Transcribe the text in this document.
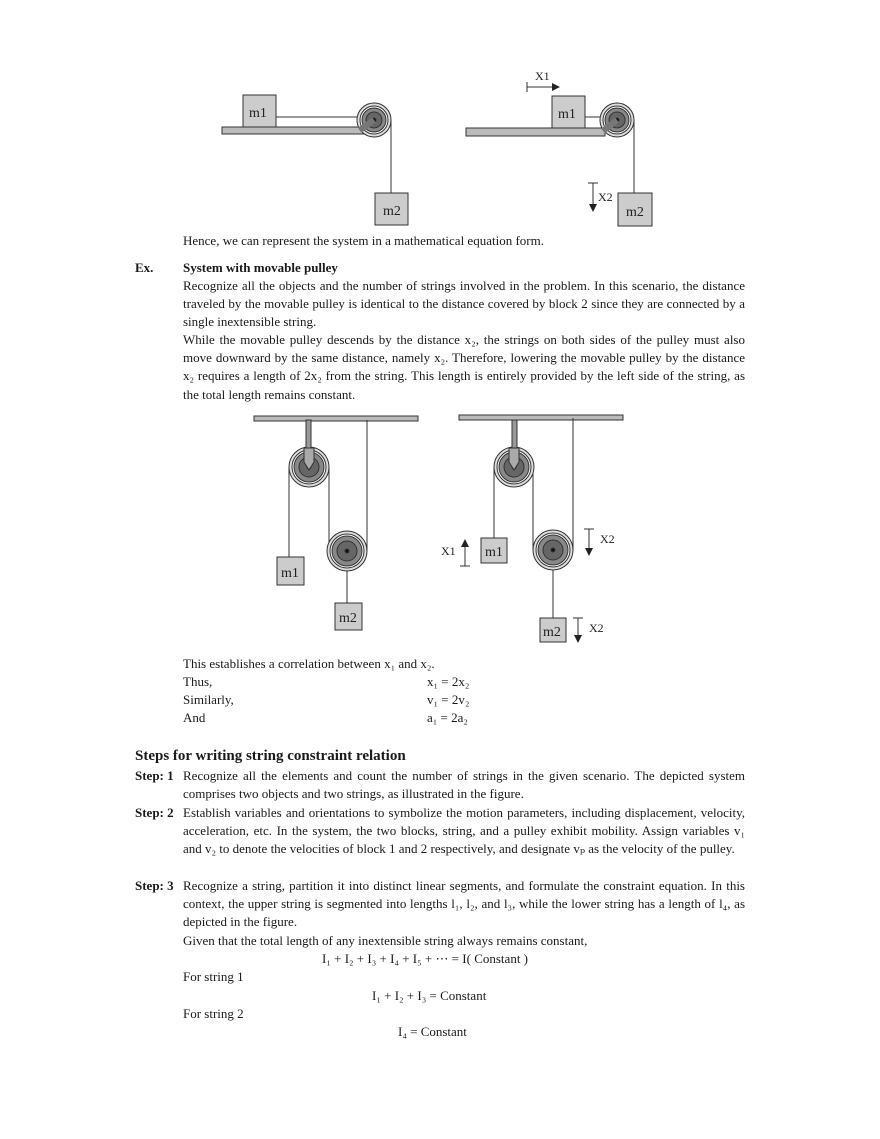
m1
m2
m1
m2
X1
X2
m1
m2
m1
m2
X1
X2
X2
Hence, we can represent the system in a mathematical equation form.
Ex. System with movable pulley
Recognize all the objects and the number of strings involved in the problem. In this scenario, the distance traveled by the movable pulley is identical to the distance covered by block 2 since they are connected by a single inextensible string.
While the movable pulley descends by the distance x₂, the strings on both sides of the pulley must also move downward by the same distance, namely x₂. Therefore, lowering the movable pulley by the distance x₂ requires a length of 2x₂ from the string. This length is entirely provided by the left side of the string, as the total length remains constant.
This establishes a correlation between x₁ and x₂.
Thus,	x₁ = 2x₂
Similarly,	v₁ = 2v₂
And	a₁ = 2a₂
Steps for writing string constraint relation
Step: 1 Recognize all the elements and count the number of strings in the given scenario. The depicted system comprises two objects and two strings, as illustrated in the figure.
Step: 2 Establish variables and orientations to symbolize the motion parameters, including displacement, velocity, acceleration, etc. In the system, the two blocks, string, and a pulley exhibit mobility. Assign variables v₁ and v₂ to denote the velocities of block 1 and 2 respectively, and designate vₚ as the velocity of the pulley.
Step: 3 Recognize a string, partition it into distinct linear segments, and formulate the constraint equation. In this context, the upper string is segmented into lengths l₁, l₂, and l₃, while the lower string has a length of l₄, as depicted in the figure.
Given that the total length of any inextensible string always remains constant,
I₁ + I₂ + I₃ + I₄ + I₅ + ⋯ = I( Constant )
For string 1
I₁ + I₂ + I₃ = Constant
For string 2
I₄ = Constant
